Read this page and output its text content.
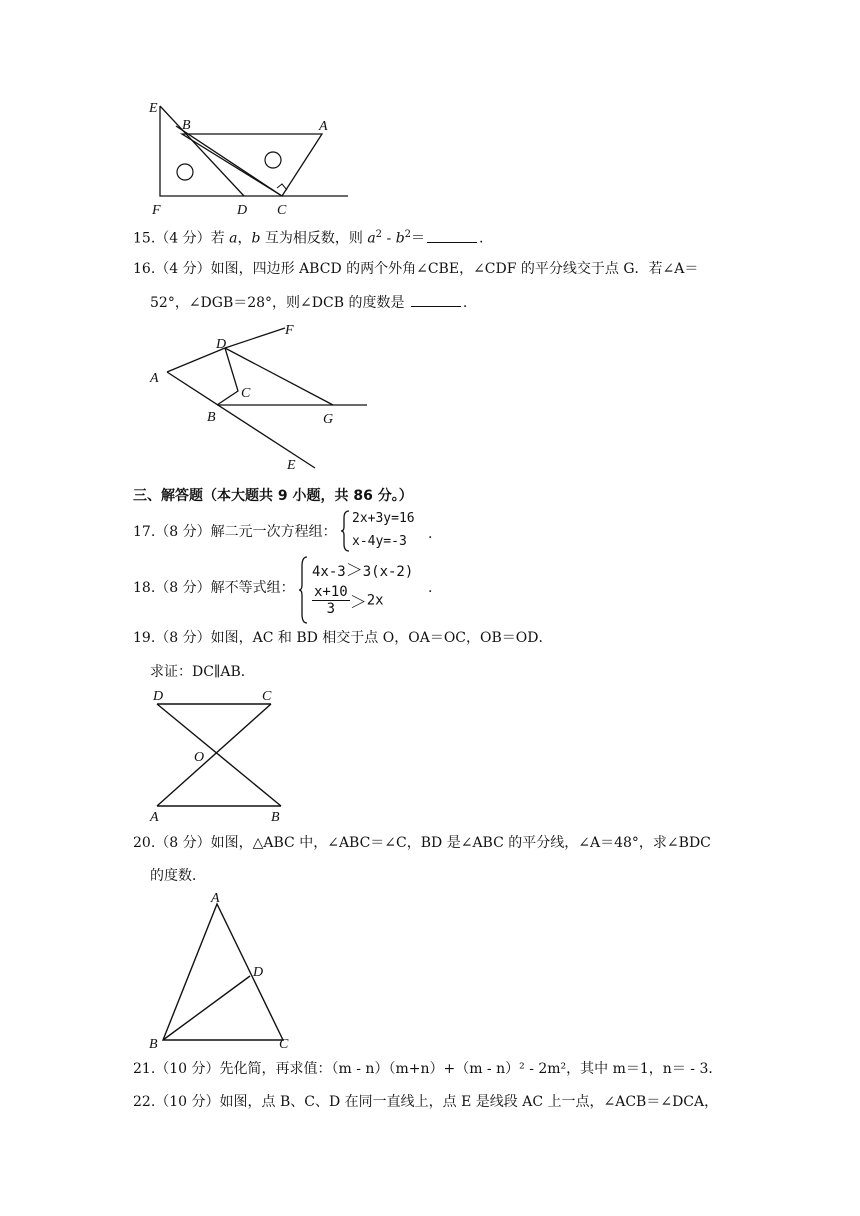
E
B	A
F	D C
15.（4 分）若 a，b 互为相反数，则 $a^2 - b^2=$	.
16.（4 分）如图，四边形 ABCD 的两个外角∠CBE，∠CDF 的平分线交于点 G．若∠A＝
52°，∠DGB＝28°，则∠DCB 的度数是	.
A
D
F
C
B	G
E
三、解答题（本大题共 9 小题，共 86 分。）
17.（8 分）解二元一次方程组：
2x+3y=16
x-4y=-3 .
18.（8 分）解不等式组：
4x-3＞3(x-2)
$\frac{x+10}{3} >2x$
.
19.（8 分）如图，AC 和 BD 相交于点 O，OA＝OC，OB＝OD．
求证：DC∥AB．
D	C
O
A	B
20.（8 分）如图，△ABC 中，∠ABC＝∠C，BD 是∠ABC 的平分线，∠A＝48°，求∠BDC
的度数．
A
D
B	C
21.（10 分）先化简，再求值：（m - n）（m+n）+（m - n）² - 2m²，其中 m＝1，n＝ - 3．
22.（10 分）如图，点 B、C、D 在同一直线上，点 E 是线段 AC 上一点，∠ACB＝∠DCA，
